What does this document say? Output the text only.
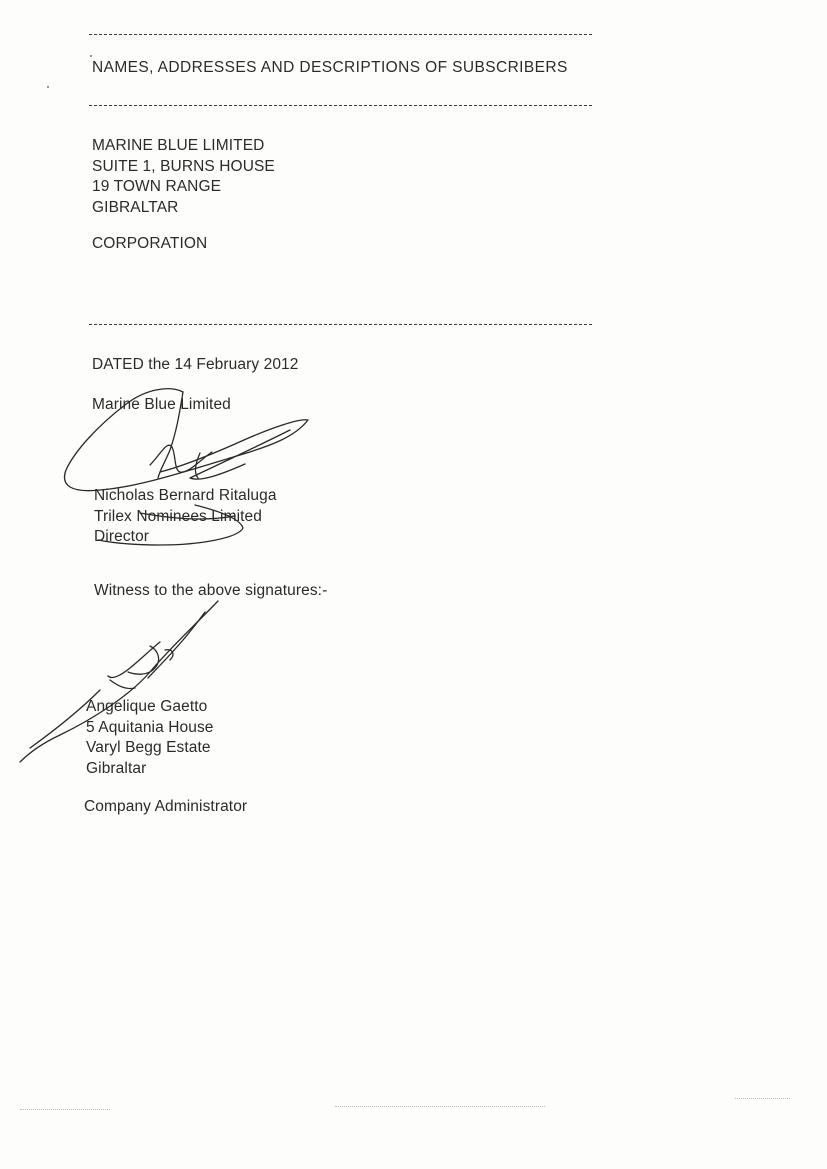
NAMES, ADDRESSES AND DESCRIPTIONS OF SUBSCRIBERS
MARINE BLUE LIMITED
SUITE 1, BURNS HOUSE
19 TOWN RANGE
GIBRALTAR
CORPORATION
DATED the 14 February 2012
Marine Blue Limited
Nicholas Bernard Ritaluga
Trilex Nominees Limited
Director
Witness to the above signatures:-
Angelique Gaetto
5 Aquitania House
Varyl Begg Estate
Gibraltar
Company Administrator
